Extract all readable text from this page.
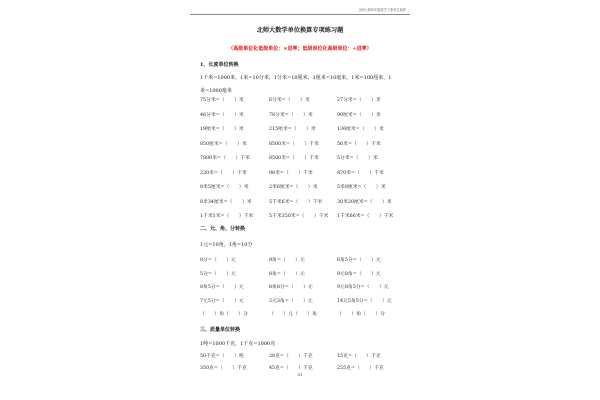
北师大版四年级数学下册单位换算
北师大数学单位换算专项练习题
（高级单位化低级单位：×进率；低级单位化高级单位：÷进率）
01
1、长度单位转换
1千米=1000米，1米=10分米，1分米=10厘米，1厘米=10毫米，1米=100厘米，1
米=1000毫米
75分米=（　　）米	6分米=（　　）米	27分米=（　　）米
46分米=（　　）米	78分米=（　　）米	90厘米=（　　）米
19厘米=（　　）米	215厘米=（　　）米	136厘米=（　　）米
850厘米=（　　）米	8500米=（　　）千米	56米=（　　）千米
7800米=（　　）千米	8500米=（　　）千米	5分米=（　　）米
230米=（　　）千米	98米=（　　）千米	870米=（　　）千米
8米5厘米=（　　）米	2米6厘米=（　　）米	5米8厘米=（　　）米
8米34厘米=（　　）米	5千米6米=（　　）千米	30米20厘米=（　　）米
1千米1米=（　　）千米	5千米350米=（　　）千米 1千米66米=（　　）千米
二、元、角、分转换
1元=10角，1角=10分
8分=（　　）元	9角=（　　）元	6角5分=（　　）元
5分=（　　）元	8角=（　　）元	9元8角=（　　）元
8角5分=（　　）元	8角8分=（　　）元	9元8角5分=（　　）元
7元5分=（　　）元	2元3角=（　　）元	14元5角5分=（　　）元
（　　）角（　　）分	（　　）元（　　）角	（　　）角（　　）分
三、质量单位转换
1吨=1000千克，1千克=1000克
50千克=（　　）吨	28克=（　　）千克	15克=（　　）千克
350克=（　　）千克	45克=（　　）千克	255克=（　　）千克
